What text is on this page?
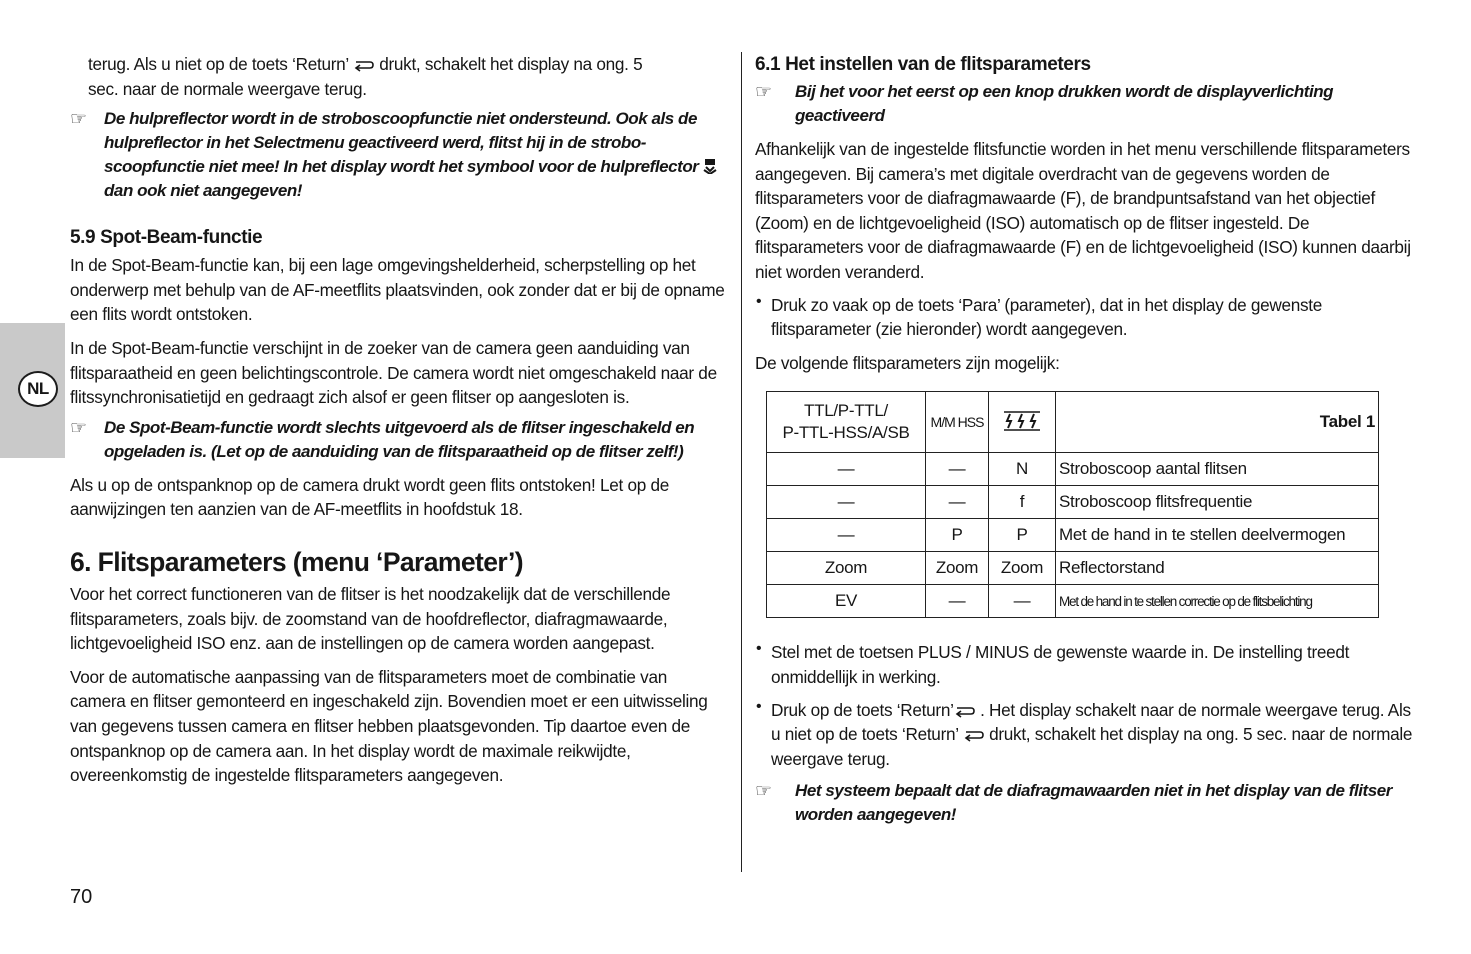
NL

terug. Als u niet op de toets ‘Return’  drukt, schakelt het display na ong. 5
sec. naar de normale weergave terug.

☞ De hulpreflector wordt in de stroboscoopfunctie niet ondersteund. Ook als de hulpreflector in het Selectmenu geactiveerd werd, flitst hij in de stroboscoopfunctie niet mee! In het display wordt het symbool voor de hulpreflector  dan ook niet aangegeven!
5.9 Spot-Beam-functie

In de Spot-Beam-functie kan, bij een lage omgevingshelderheid, scherpstelling op het onderwerp met behulp van de AF-meetflits plaatsvinden, ook zonder dat er bij de opname een flits wordt ontstoken.

In de Spot-Beam-functie verschijnt in de zoeker van de camera geen aanduiding van flitsparaatheid en geen belichtingscontrole. De camera wordt niet omgeschakeld naar de flitssynchronisatietijd en gedraagt zich alsof er geen flitser op aangesloten is.

☞ De Spot-Beam-functie wordt slechts uitgevoerd als de flitser ingeschakeld en opgeladen is. (Let op de aanduiding van de flitsparaatheid op de flitser zelf!)

Als u op de ontspanknop op de camera drukt wordt geen flits ontstoken! Let op de aanwijzingen ten aanzien van de AF-meetflits in hoofdstuk 18.

6. Flitsparameters (menu ‘Parameter’)

Voor het correct functioneren van de flitser is het noodzakelijk dat de verschillende flitsparameters, zoals bijv. de zoomstand van de hoofdreflector, diafragmawaarde, lichtgevoeligheid ISO enz. aan de instellingen op de camera worden aangepast.

Voor de automatische aanpassing van de flitsparameters moet de combinatie van camera en flitser gemonteerd en ingeschakeld zijn. Bovendien moet er een uitwisseling van gegevens tussen camera en flitser hebben plaatsgevonden. Tip daartoe even de ontspanknop op de camera aan. In het display wordt de maximale reikwijdte, overeenkomstig de ingestelde flitsparameters aangegeven.

6.1 Het instellen van de flitsparameters
☞ Bij het voor het eerst op een knop drukken wordt de displayverlichting geactiveerd

Afhankelijk van de ingestelde flitsfunctie worden in het menu verschillende flitsparameters aangegeven. Bij camera’s met digitale overdracht van de gegevens worden de flitsparameters voor de diafragmawaarde (F), de brandpuntsafstand van het objectief (Zoom) en de lichtgevoeligheid (ISO) automatisch op de flitser ingesteld. De flitsparameters voor de diafragmawaarde (F) en de lichtgevoeligheid (ISO) kunnen daarbij niet worden veranderd.

• Druk zo vaak op de toets ‘Para’ (parameter), dat in het display de gewenste flitsparameter (zie hieronder) wordt aangegeven.

De volgende flitsparameters zijn mogelijk:

TTL/P-TTL/
P-TTL-HSS/A/SB	M/M HSS		Tabel 1
—	—	N	Stroboscoop aantal flitsen
—	—	f	Stroboscoop flitsfrequentie
—	P	P	Met de hand in te stellen deelvermogen
Zoom	Zoom	Zoom	Reflectorstand
EV	—	—	Met de hand in te stellen correctie op de flitsbelichting
• Stel met de toetsen PLUS / MINUS de gewenste waarde in. De instelling treedt onmiddellijk in werking.

• Druk op de toets ‘Return’ . Het display schakelt naar de normale weergave terug. Als u niet op de toets ‘Return’  drukt, schakelt het display na ong. 5 sec. naar de normale weergave terug.

☞ Het systeem bepaalt dat de diafragmawaarden niet in het display van de flitser worden aangegeven!
70
